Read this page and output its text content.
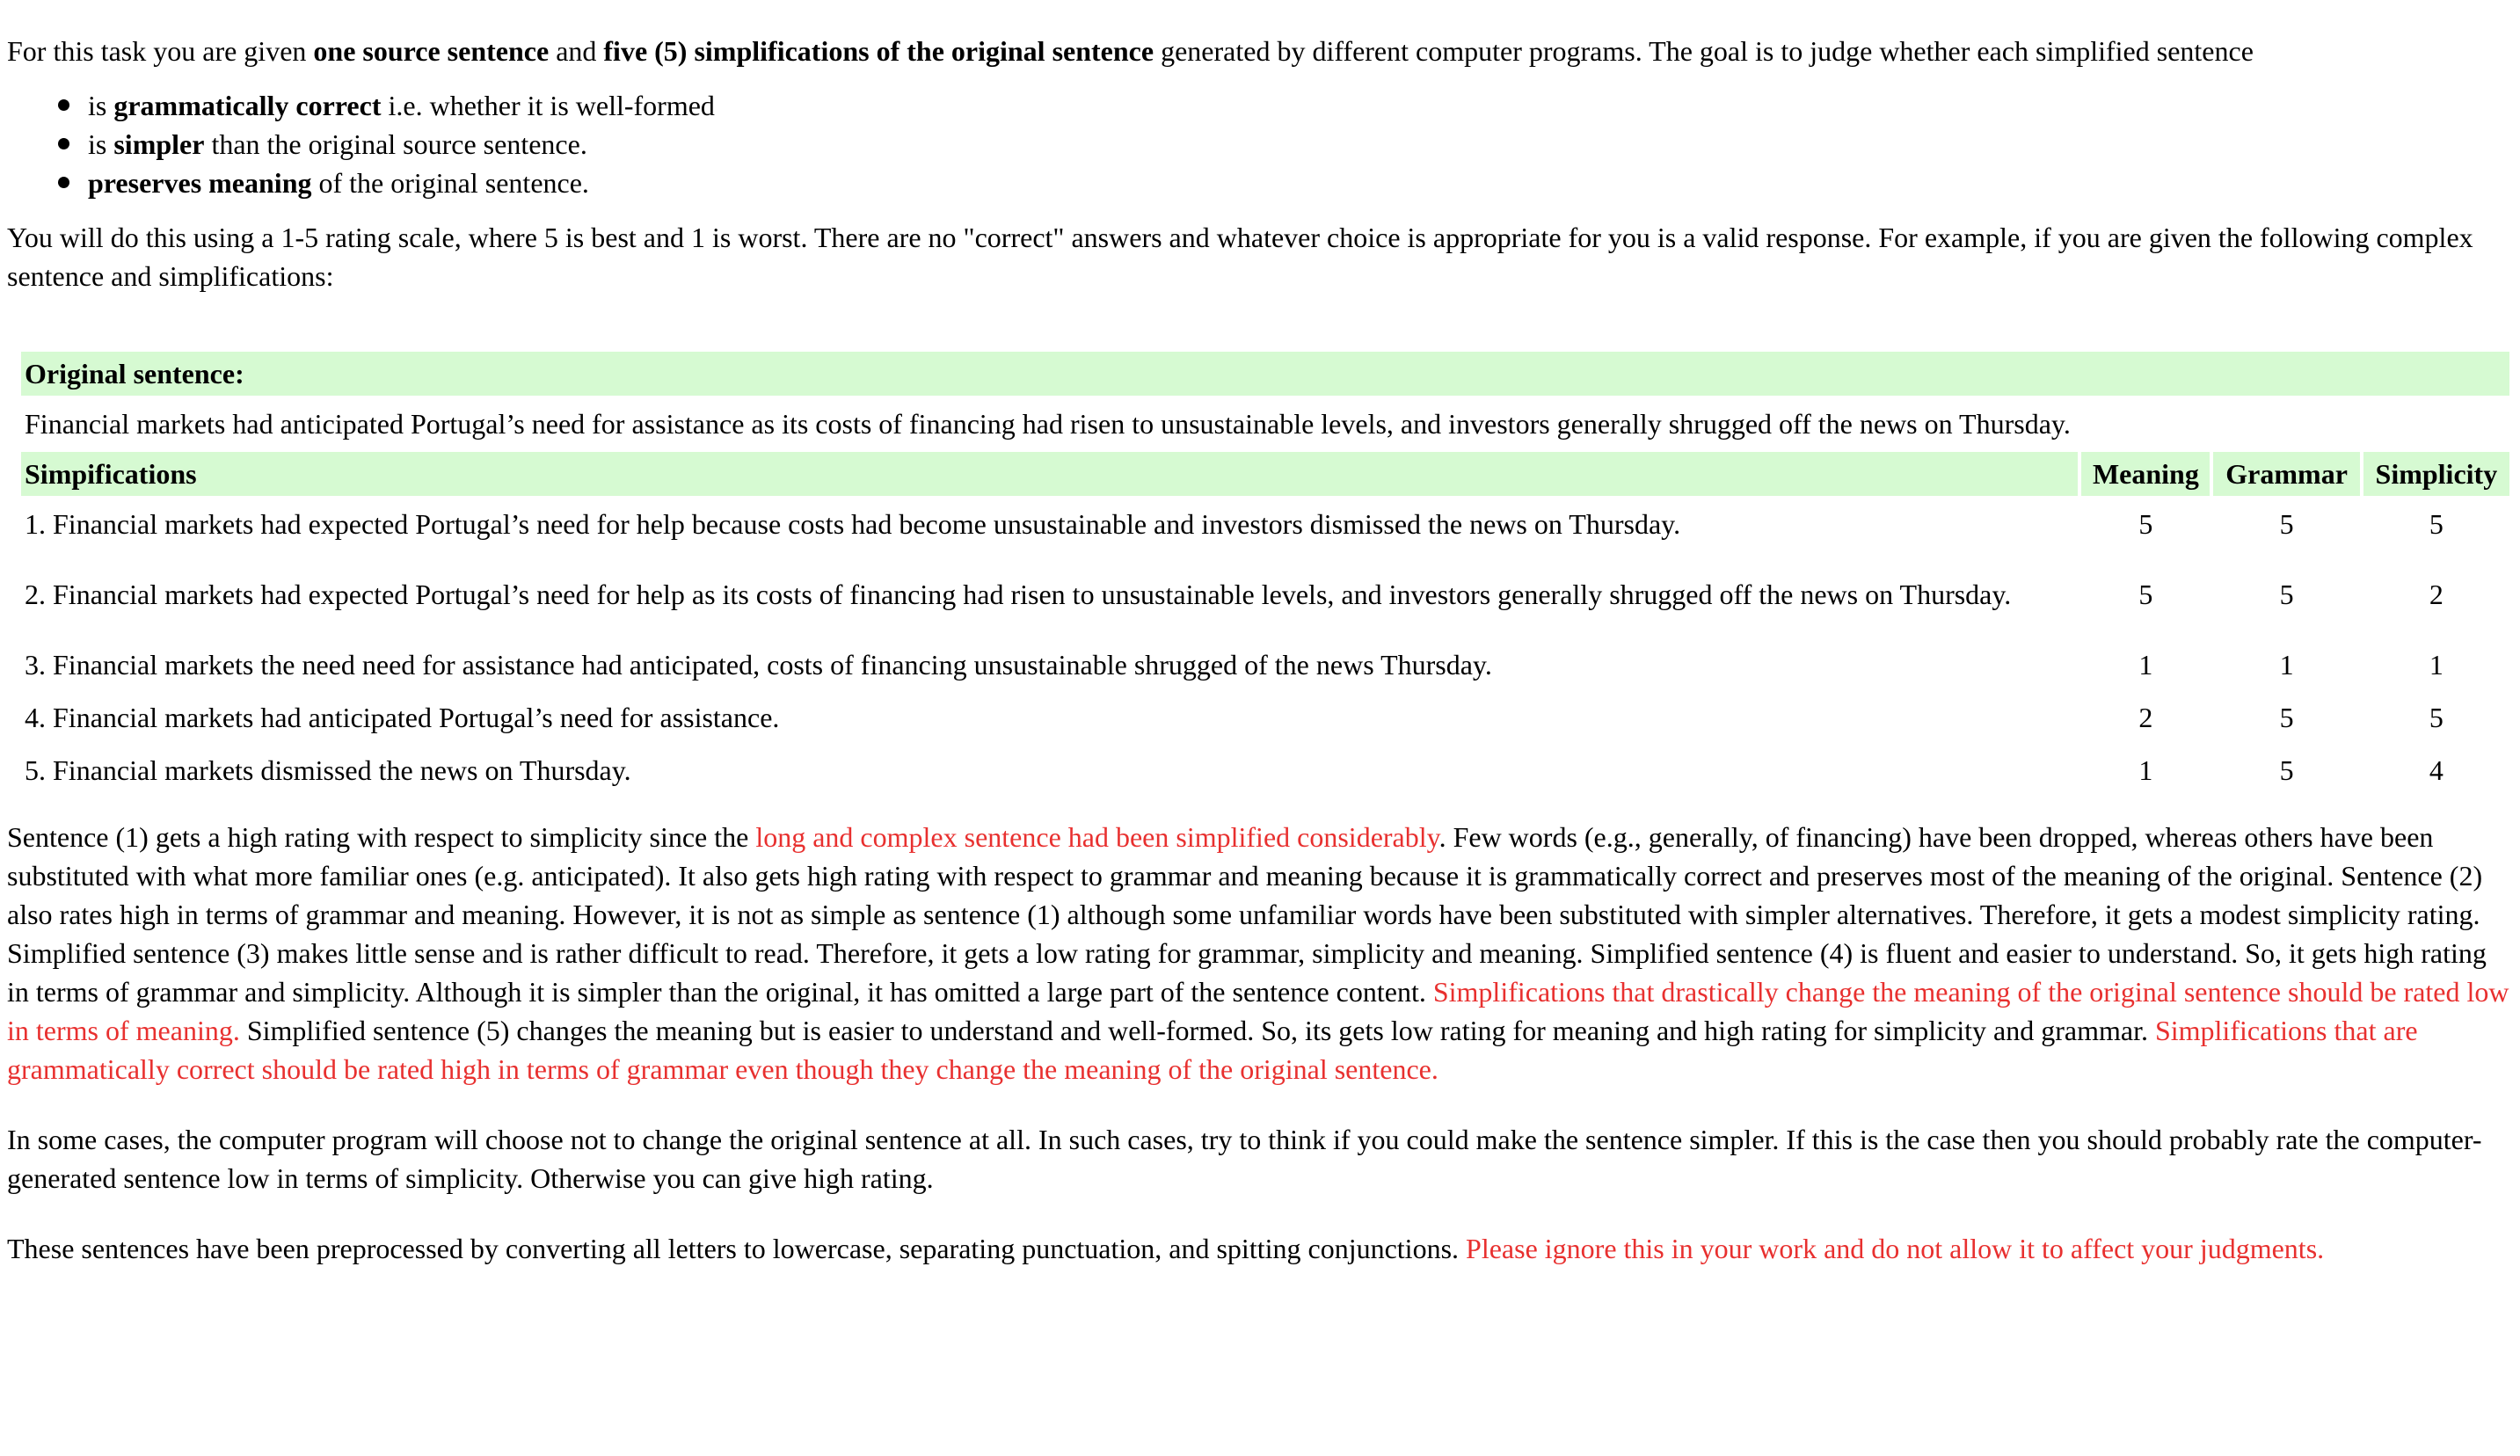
For this task you are given one source sentence and five (5) simplifications of the original sentence generated by different computer programs. The goal is to judge whether each simplified sentence

is grammatically correct i.e. whether it is well-formed
is simpler than the original source sentence.
preserves meaning of the original sentence.

You will do this using a 1-5 rating scale, where 5 is best and 1 is worst. There are no "correct" answers and whatever choice is appropriate for you is a valid response. For example, if you are given the following complex sentence and simplifications:

Original sentence:			
Financial markets had anticipated Portugal’s need for assistance as its costs of financing had risen to unsustainable levels, and investors generally shrugged off the news on Thursday.			
Simpifications	Meaning	Grammar	Simplicity
1. Financial markets had expected Portugal’s need for help because costs had become unsustainable and investors dismissed the news on Thursday.	5	5	5
2. Financial markets had expected Portugal’s need for help as its costs of financing had risen to unsustainable levels, and investors generally shrugged off the news on Thursday.	5	5	2
3. Financial markets the need need for assistance had anticipated, costs of financing unsustainable shrugged of the news Thursday.	1	1	1
4. Financial markets had anticipated Portugal’s need for assistance.	2	5	5
5. Financial markets dismissed the news on Thursday.	1	5	4

Sentence (1) gets a high rating with respect to simplicity since the long and complex sentence had been simplified considerably. Few words (e.g., generally, of financing) have been dropped, whereas others have been substituted with what more familiar ones (e.g. anticipated). It also gets high rating with respect to grammar and meaning because it is grammatically correct and preserves most of the meaning of the original. Sentence (2) also rates high in terms of grammar and meaning. However, it is not as simple as sentence (1) although some unfamiliar words have been substituted with simpler alternatives. Therefore, it gets a modest simplicity rating. Simplified sentence (3) makes little sense and is rather difficult to read. Therefore, it gets a low rating for grammar, simplicity and meaning. Simplified sentence (4) is fluent and easier to understand. So, it gets high rating in terms of grammar and simplicity. Although it is simpler than the original, it has omitted a large part of the sentence content. Simplifications that drastically change the meaning of the original sentence should be rated low in terms of meaning. Simplified sentence (5) changes the meaning but is easier to understand and well-formed. So, its gets low rating for meaning and high rating for simplicity and grammar. Simplifications that are grammatically correct should be rated high in terms of grammar even though they change the meaning of the original sentence.

In some cases, the computer program will choose not to change the original sentence at all. In such cases, try to think if you could make the sentence simpler. If this is the case then you should probably rate the computer-generated sentence low in terms of simplicity. Otherwise you can give high rating.

These sentences have been preprocessed by converting all letters to lowercase, separating punctuation, and spitting conjunctions. Please ignore this in your work and do not allow it to affect your judgments.
